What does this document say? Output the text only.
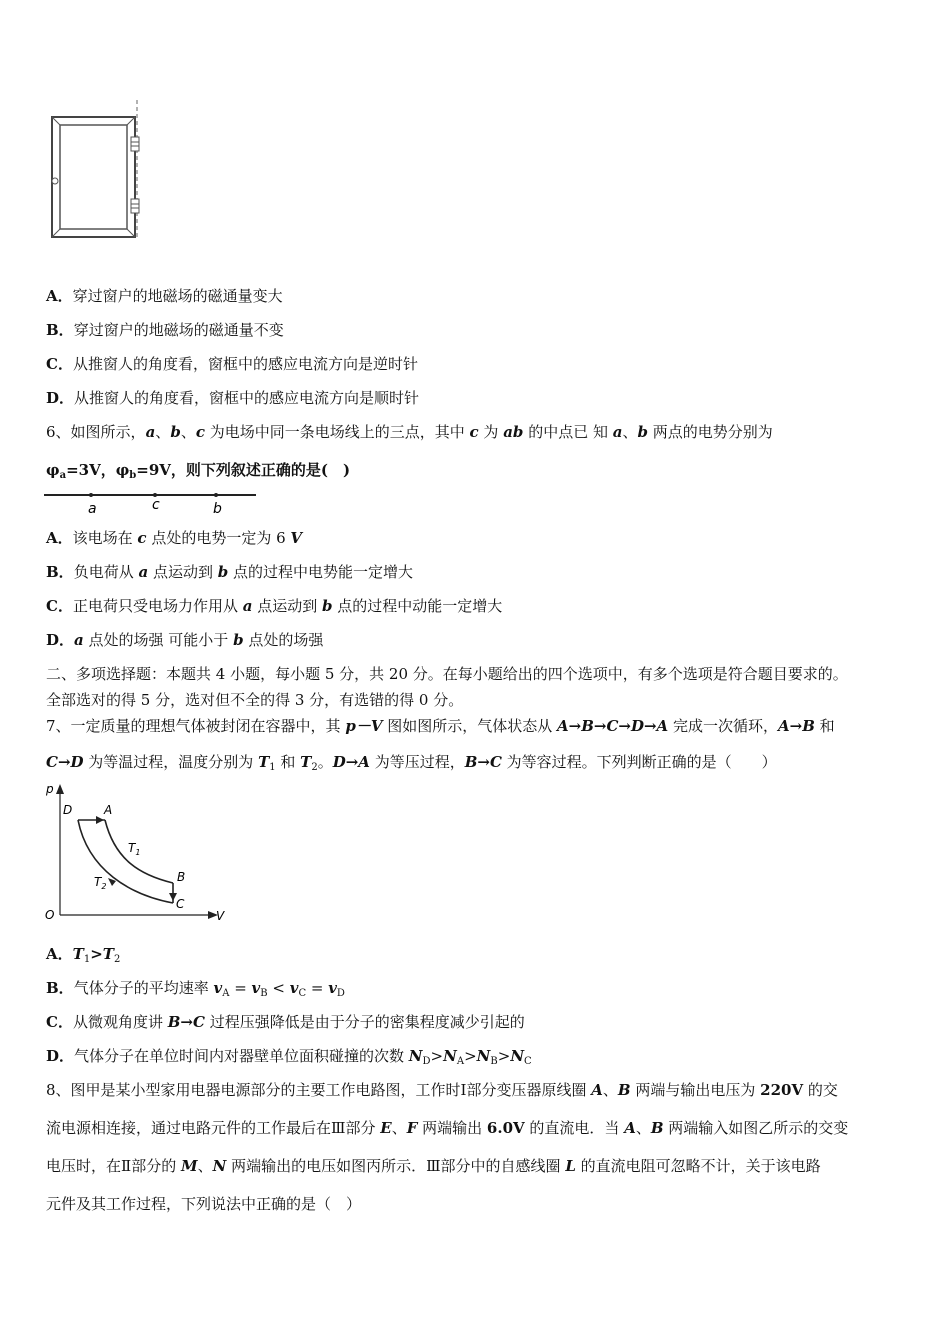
A．穿过窗户的地磁场的磁通量变大
B．穿过窗户的地磁场的磁通量不变
C．从推窗人的角度看，窗框中的感应电流方向是逆时针
D．从推窗人的角度看，窗框中的感应电流方向是顺时针
6、如图所示，a、b、c 为电场中同一条电场线上的三点，其中 c 为 ab 的中点已 知 a、b 两点的电势分别为
$\varphi_a=3V$，$\varphi_b=9V$，则下列叙述正确的是(　)
a	c	b
A．该电场在 c 点处的电势一定为 6 V
B．负电荷从 a 点运动到 b 点的过程中电势能一定增大
C．正电荷只受电场力作用从 a 点运动到 b 点的过程中动能一定增大
D．a 点处的场强 可能小于 b 点处的场强
二、多项选择题：本题共 4 小题，每小题 5 分，共 20 分。在每小题给出的四个选项中，有多个选项是符合题目要求的。
全部选对的得 5 分，选对但不全的得 3 分，有选错的得 0 分。
7、一定质量的理想气体被封闭在容器中，其 p－V 图如图所示，气体状态从 A→B→C→D→A 完成一次循环，A→B 和
C→D 为等温过程，温度分别为 $T_1$ 和 $T_2$。D→A 为等压过程，B→C 为等容过程。下列判断正确的是（　　）
p
V
O
D	A
B
C
$T_1$
$T_2$
A．$T_1>T_2$
B．气体分子的平均速率 $v_A = v_B < v_C = v_D$
C．从微观角度讲 B→C 过程压强降低是由于分子的密集程度减少引起的
D．气体分子在单位时间内对器壁单位面积碰撞的次数 $N_D>N_A>N_B>N_C$
8、图甲是某小型家用电器电源部分的主要工作电路图，工作时Ⅰ部分变压器原线圈 A、B 两端与输出电压为 220V 的交
流电源相连接，通过电路元件的工作最后在Ⅲ部分 E、F 两端输出 6.0V 的直流电．当 A、B 两端输入如图乙所示的交变
电压时，在Ⅱ部分的 M、N 两端输出的电压如图丙所示．Ⅲ部分中的自感线圈 L 的直流电阻可忽略不计，关于该电路
元件及其工作过程，下列说法中正确的是（　）
